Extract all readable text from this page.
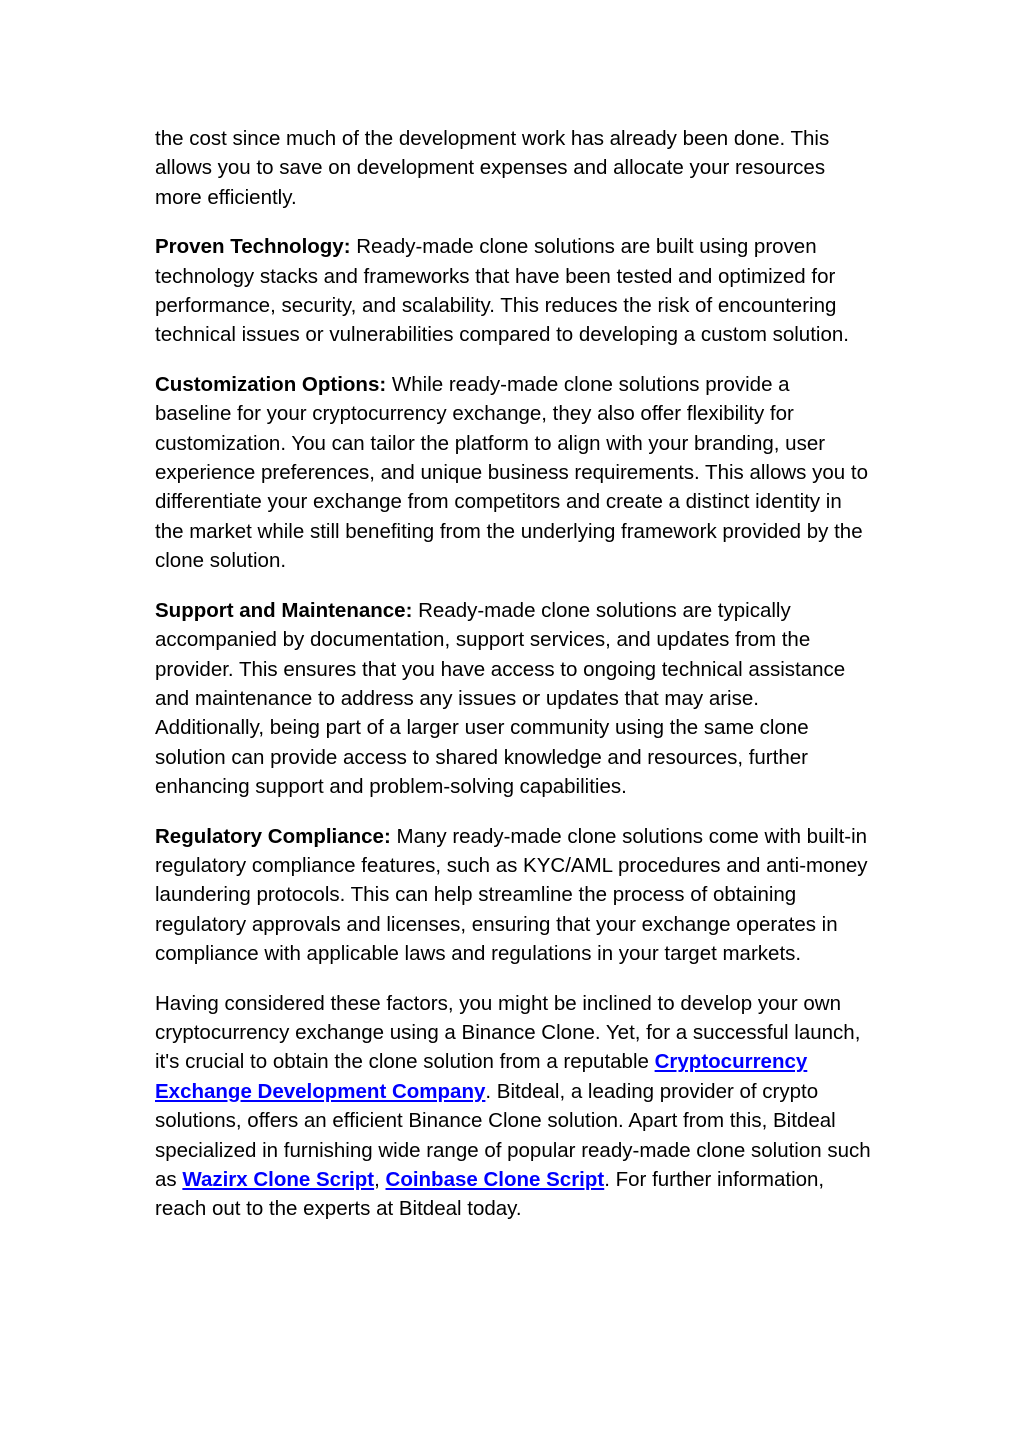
the cost since much of the development work has already been done. This allows you to save on development expenses and allocate your resources more efficiently.

Proven Technology: Ready-made clone solutions are built using proven technology stacks and frameworks that have been tested and optimized for performance, security, and scalability. This reduces the risk of encountering technical issues or vulnerabilities compared to developing a custom solution.

Customization Options: While ready-made clone solutions provide a baseline for your cryptocurrency exchange, they also offer flexibility for customization. You can tailor the platform to align with your branding, user experience preferences, and unique business requirements. This allows you to differentiate your exchange from competitors and create a distinct identity in the market while still benefiting from the underlying framework provided by the clone solution.

Support and Maintenance: Ready-made clone solutions are typically accompanied by documentation, support services, and updates from the provider. This ensures that you have access to ongoing technical assistance and maintenance to address any issues or updates that may arise. Additionally, being part of a larger user community using the same clone solution can provide access to shared knowledge and resources, further enhancing support and problem-solving capabilities.

Regulatory Compliance: Many ready-made clone solutions come with built-in regulatory compliance features, such as KYC/AML procedures and anti-money laundering protocols. This can help streamline the process of obtaining regulatory approvals and licenses, ensuring that your exchange operates in compliance with applicable laws and regulations in your target markets.

Having considered these factors, you might be inclined to develop your own cryptocurrency exchange using a Binance Clone. Yet, for a successful launch, it's crucial to obtain the clone solution from a reputable Cryptocurrency Exchange Development Company. Bitdeal, a leading provider of crypto solutions, offers an efficient Binance Clone solution. Apart from this, Bitdeal specialized in furnishing wide range of popular ready-made clone solution such as Wazirx Clone Script, Coinbase Clone Script. For further information, reach out to the experts at Bitdeal today.
